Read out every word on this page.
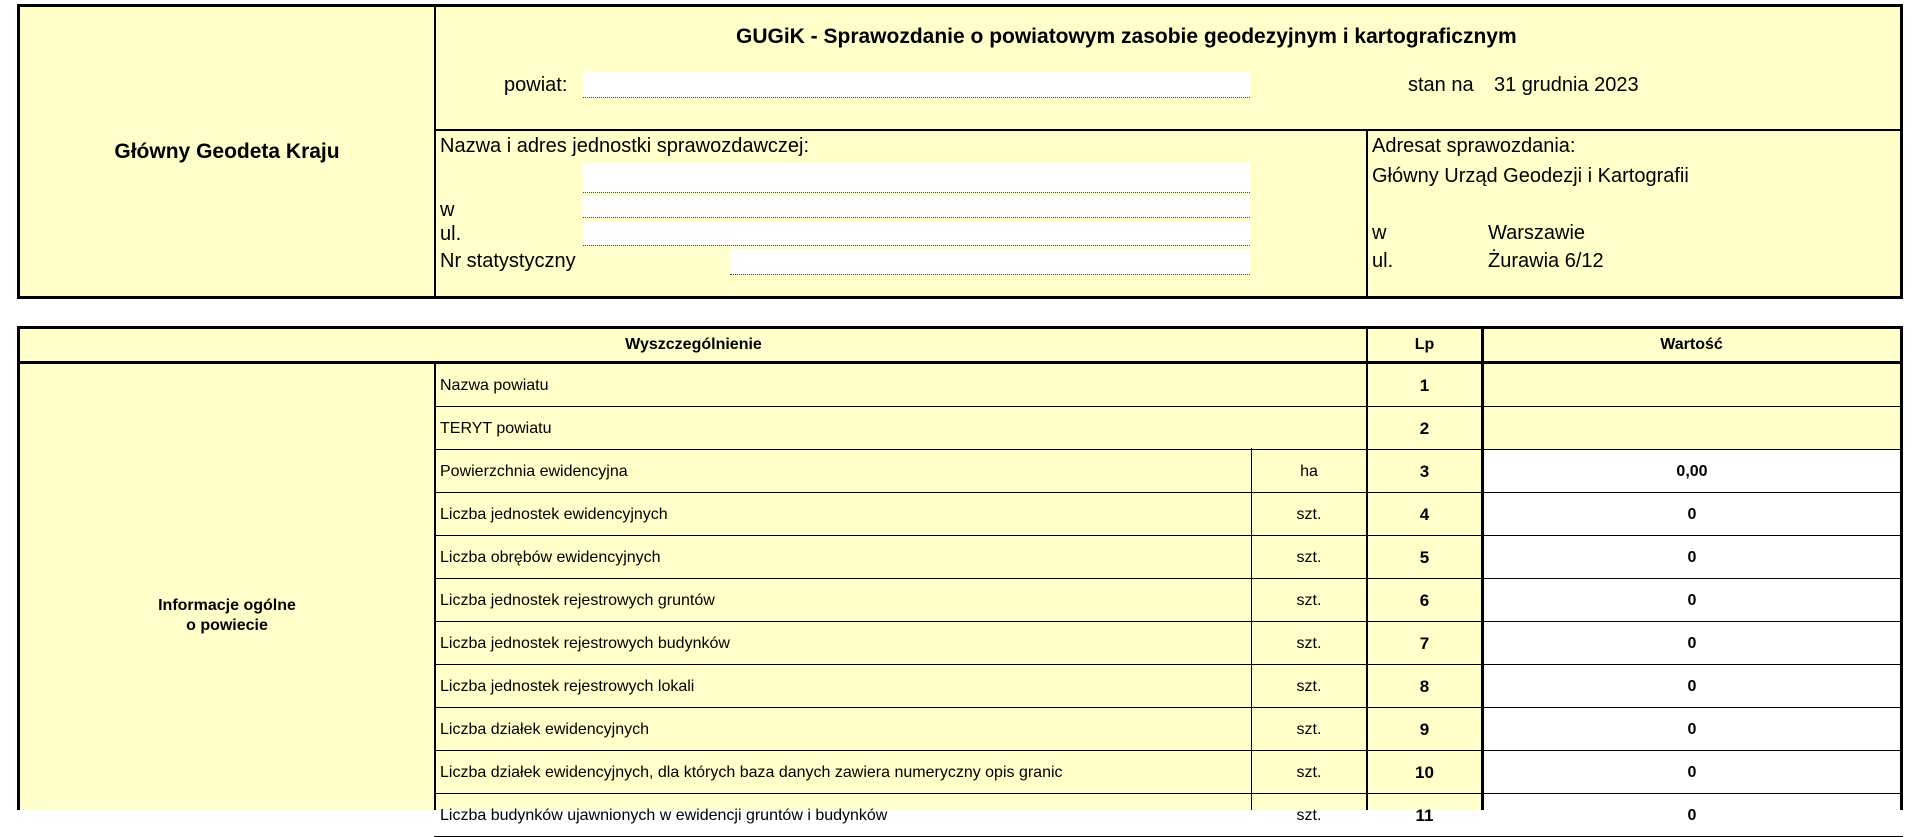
Główny Geodeta Kraju
GUGiK - Sprawozdanie o powiatowym zasobie geodezyjnym i kartograficznym
powiat:	stan na 31 grudnia 2023
Nazwa i adres jednostki sprawozdawczej:
w
ul.
Nr statystyczny
Adresat sprawozdania:
Główny Urząd Geodezji i Kartografii
w	Warszawie
ul.	Żurawia 6/12
Wyszczególnienie	Lp	Wartość
Informacje ogólne
o powiecie
Nazwa powiatu	1
TERYT powiatu	2
Powierzchnia ewidencyjna	ha	3	0,00
Liczba jednostek ewidencyjnych	szt.	4	0
Liczba obrębów ewidencyjnych	szt.	5	0
Liczba jednostek rejestrowych gruntów	szt.	6	0
Liczba jednostek rejestrowych budynków	szt.	7	0
Liczba jednostek rejestrowych lokali	szt.	8	0
Liczba działek ewidencyjnych	szt.	9	0
Liczba działek ewidencyjnych, dla których baza danych zawiera numeryczny opis granic	szt.	10	0
Liczba budynków ujawnionych w ewidencji gruntów i budynków	szt.	11	0
